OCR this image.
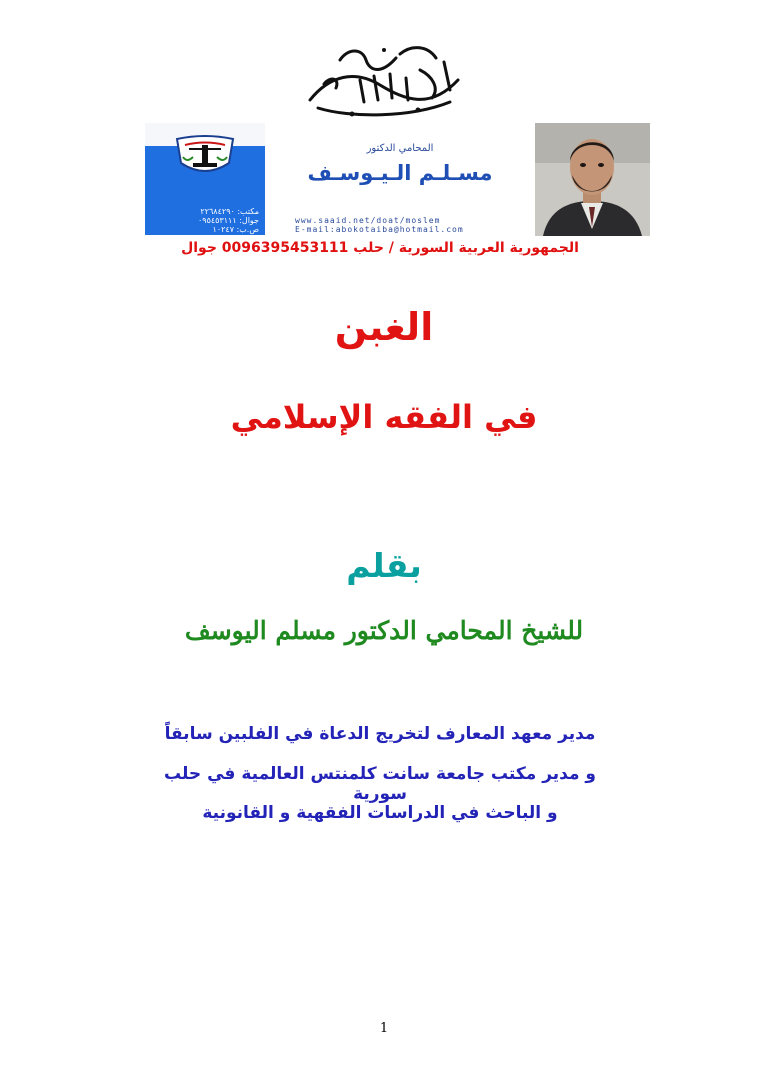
مكتب: ٢٢٦٨٤٢٩٠
جوال: ٠٩٥٤٥٣١١١
ص.ب: ١٠٢٤٧
المحامي الدكتور
مسـلـم الـيـوسـف
www.saaid.net/doat/moslem
E-mail:abokotaiba@hotmail.com
الجمهورية العربية السورية / حلب 0096395453111 جوال
الغبن
في الفقه الإسلامي
بقلم
للشيخ المحامي الدكتور مسلم اليوسف
مدير معهد المعارف لتخريج الدعاة في الفلبين سابقاً
و مدير مكتب جامعة سانت كلمنتس العالمية في حلب سورية
و الباحث في الدراسات الفقهية و القانونية
1
